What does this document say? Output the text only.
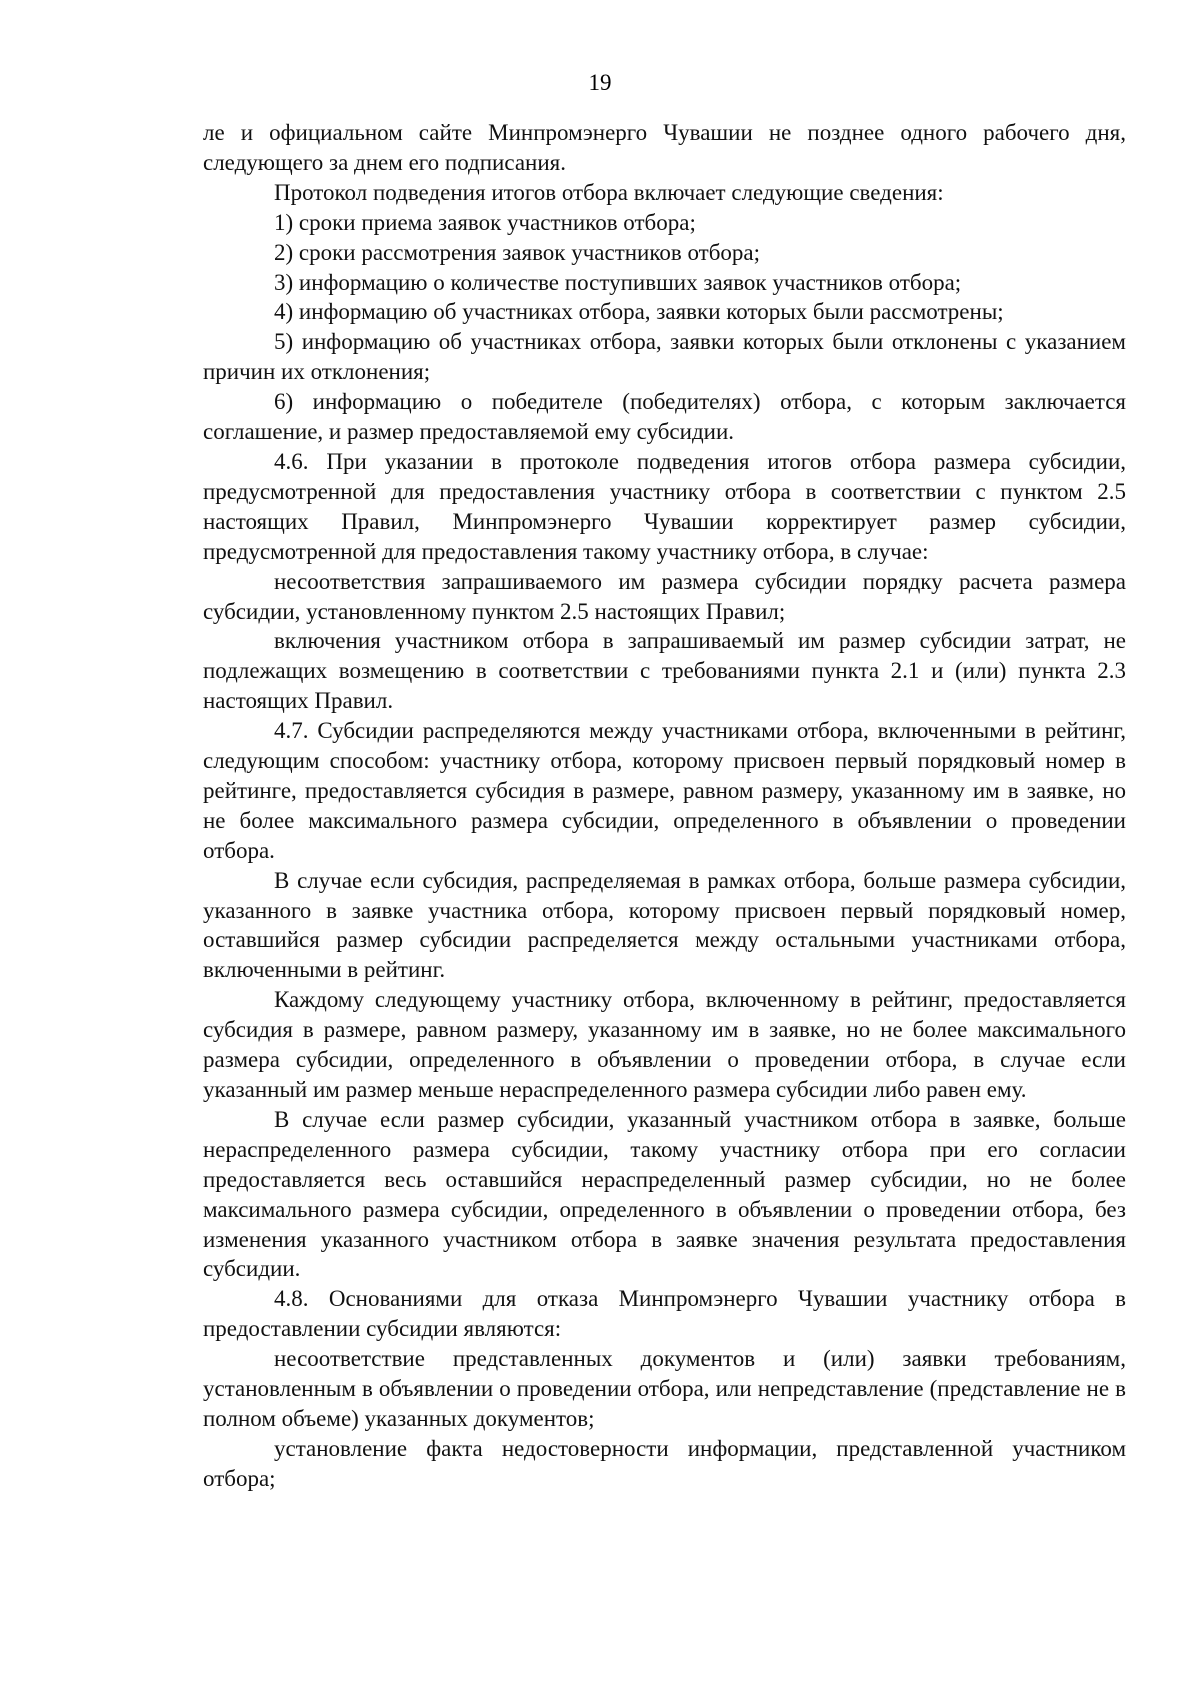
19

ле и официальном сайте Минпромэнерго Чувашии не позднее одного рабочего дня, следующего за днем его подписания.

Протокол подведения итогов отбора включает следующие сведения:

1) сроки приема заявок участников отбора;

2) сроки рассмотрения заявок участников отбора;

3) информацию о количестве поступивших заявок участников отбора;

4) информацию об участниках отбора, заявки которых были рассмотрены;

5) информацию об участниках отбора, заявки которых были отклонены с указанием причин их отклонения;

6) информацию о победителе (победителях) отбора, с которым заключается соглашение, и размер предоставляемой ему субсидии.

4.6. При указании в протоколе подведения итогов отбора размера субсидии, предусмотренной для предоставления участнику отбора в соответствии с пунктом 2.5 настоящих Правил, Минпромэнерго Чувашии корректирует размер субсидии, предусмотренной для предоставления такому участнику отбора, в случае:

несоответствия запрашиваемого им размера субсидии порядку расчета размера субсидии, установленному пунктом 2.5 настоящих Правил;

включения участником отбора в запрашиваемый им размер субсидии затрат, не подлежащих возмещению в соответствии с требованиями пункта 2.1 и (или) пункта 2.3 настоящих Правил.

4.7. Субсидии распределяются между участниками отбора, включенными в рейтинг, следующим способом: участнику отбора, которому присвоен первый порядковый номер в рейтинге, предоставляется субсидия в размере, равном размеру, указанному им в заявке, но не более максимального размера субсидии, определенного в объявлении о проведении отбора.

В случае если субсидия, распределяемая в рамках отбора, больше размера субсидии, указанного в заявке участника отбора, которому присвоен первый порядковый номер, оставшийся размер субсидии распределяется между остальными участниками отбора, включенными в рейтинг.

Каждому следующему участнику отбора, включенному в рейтинг, предоставляется субсидия в размере, равном размеру, указанному им в заявке, но не более максимального размера субсидии, определенного в объявлении о проведении отбора, в случае если указанный им размер меньше нераспределенного размера субсидии либо равен ему.

В случае если размер субсидии, указанный участником отбора в заявке, больше нераспределенного размера субсидии, такому участнику отбора при его согласии предоставляется весь оставшийся нераспределенный размер субсидии, но не более максимального размера субсидии, определенного в объявлении о проведении отбора, без изменения указанного участником отбора в заявке значения результата предоставления субсидии.

4.8. Основаниями для отказа Минпромэнерго Чувашии участнику отбора в предоставлении субсидии являются:

несоответствие представленных документов и (или) заявки требованиям, установленным в объявлении о проведении отбора, или непредставление (представление не в полном объеме) указанных документов;

установление факта недостоверности информации, представленной участником отбора;
